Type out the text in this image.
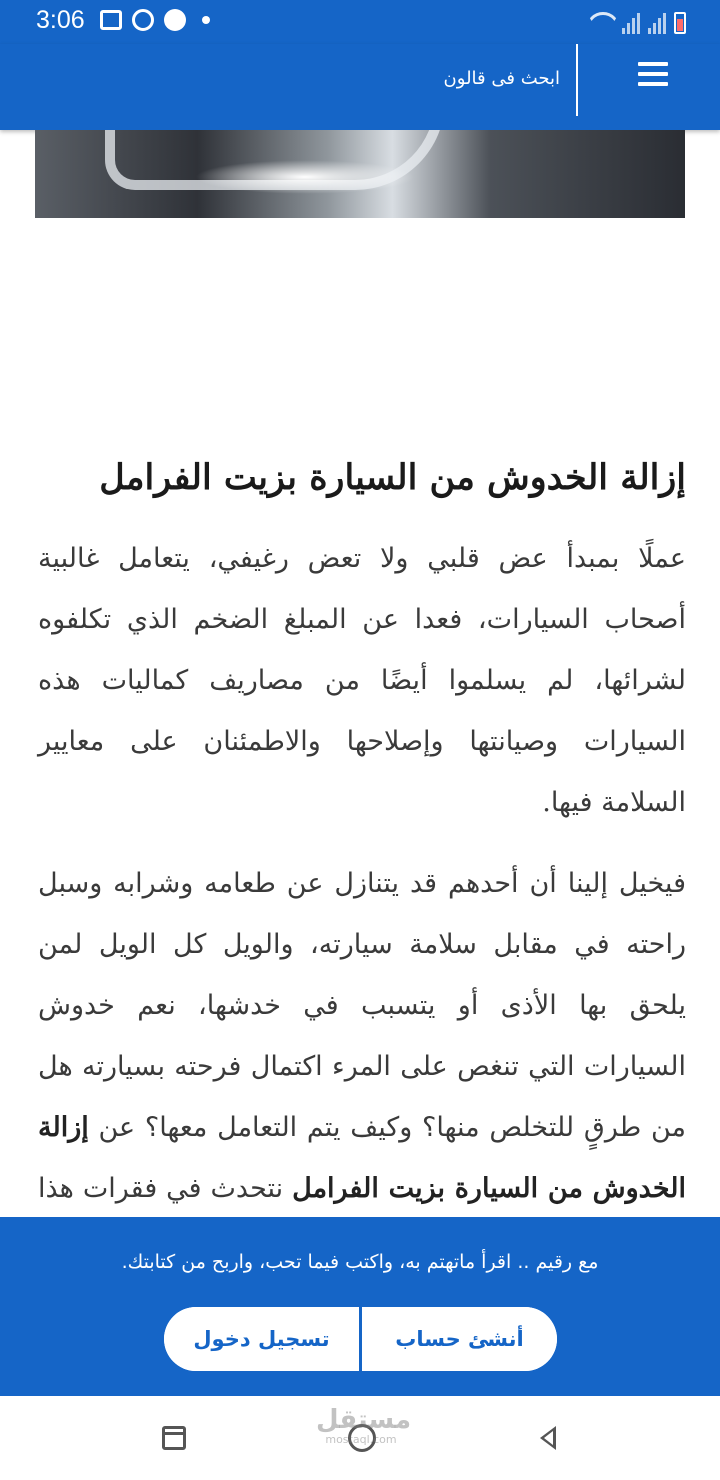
3:06
ابحث فى قالون
إزالة الخدوش من السيارة بزيت الفرامل

عملًا بمبدأ عض قلبي ولا تعض رغيفي، يتعامل غالبية أصحاب السيارات، فعدا عن المبلغ الضخم الذي تكلفوه لشرائها، لم يسلموا أيضًا من مصاريف كماليات هذه السيارات وصيانتها وإصلاحها والاطمئنان على معايير السلامة فيها.

فيخيل إلينا أن أحدهم قد يتنازل عن طعامه وشرابه وسبل راحته في مقابل سلامة سيارته، والويل كل الويل لمن يلحق بها الأذى أو يتسبب في خدشها، نعم خدوش السيارات التي تنغص على المرء اكتمال فرحته بسيارته هل من طرقٍ للتخلص منها؟ وكيف يتم التعامل معها؟ عن إزالة الخدوش من السيارة بزيت الفرامل نتحدث في فقرات هذا

مع رقيم .. اقرأ ماتهتم به، واكتب فيما تحب، واربح من كتابتك.
تسجيل دخول	أنشئ حساب
مستقل
mostaql.com
